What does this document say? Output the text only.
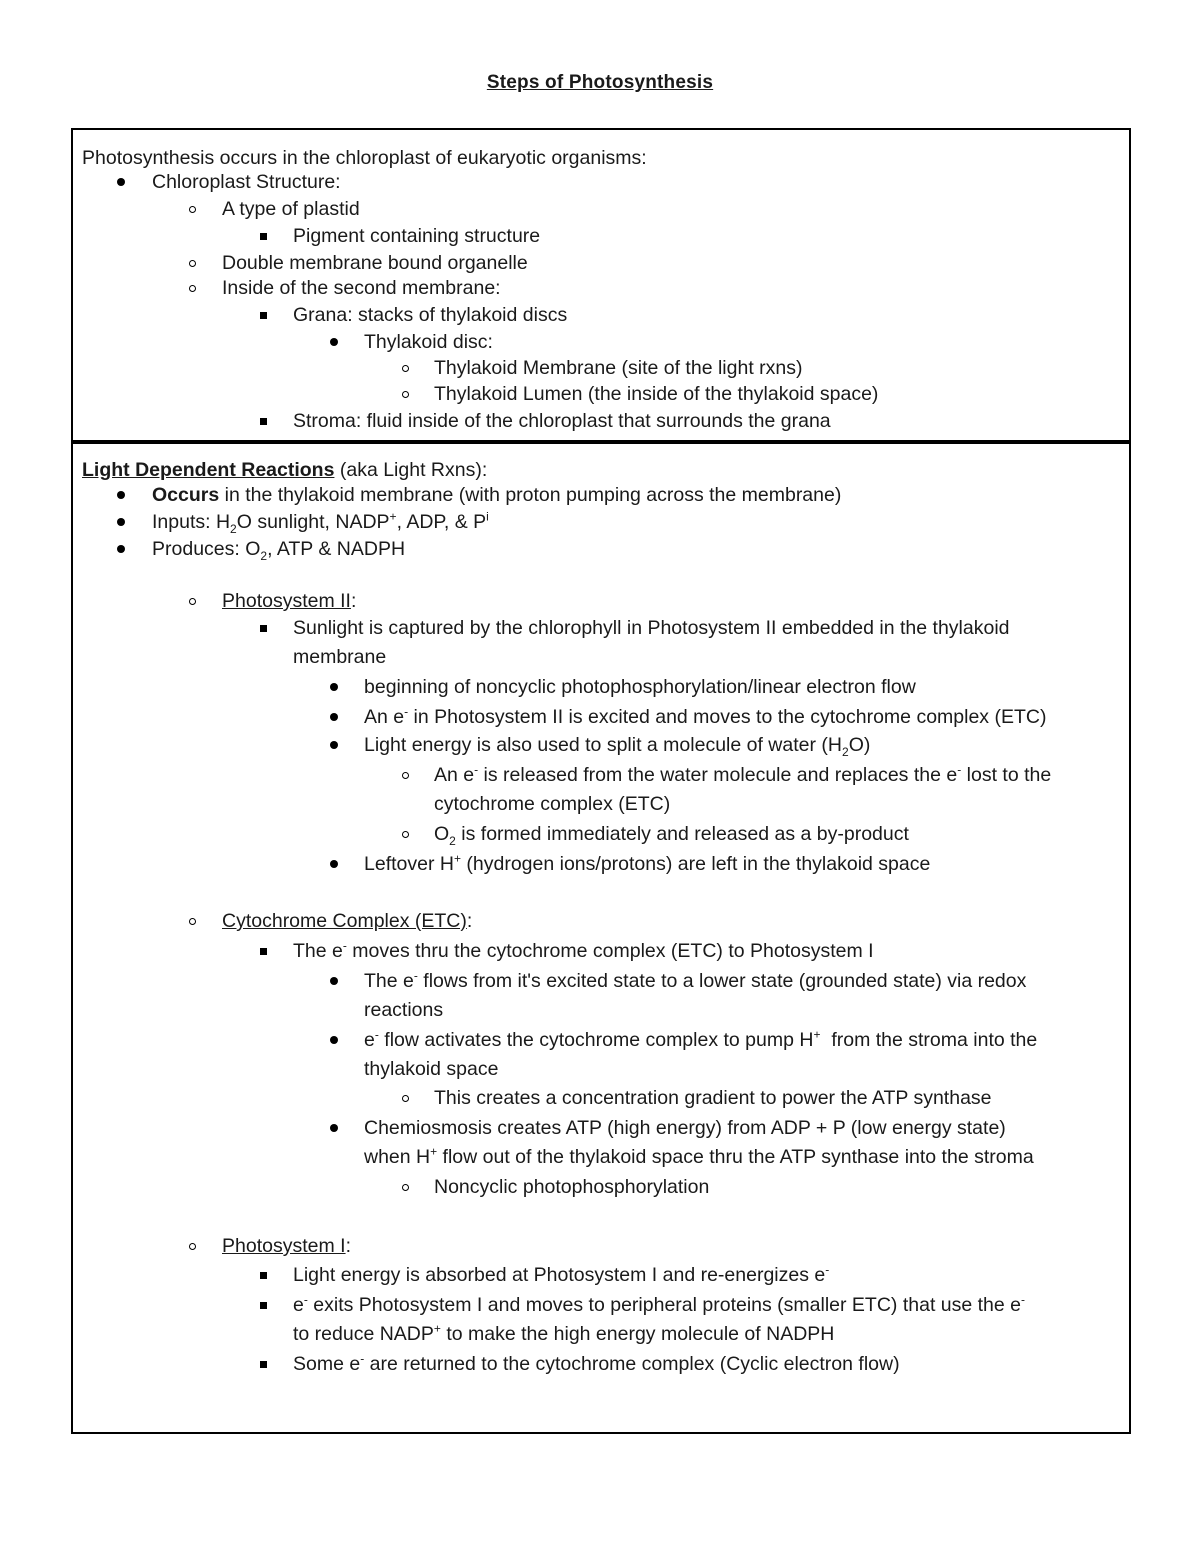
Steps of Photosynthesis
Photosynthesis occurs in the chloroplast of eukaryotic organisms:
Chloroplast Structure:
A type of plastid
Pigment containing structure
Double membrane bound organelle
Inside of the second membrane:
Grana: stacks of thylakoid discs
Thylakoid disc:
Thylakoid Membrane (site of the light rxns)
Thylakoid Lumen (the inside of the thylakoid space)
Stroma: fluid inside of the chloroplast that surrounds the grana
Light Dependent Reactions (aka Light Rxns):
Occurs in the thylakoid membrane (with proton pumping across the membrane)
Inputs: $H_2O$ sunlight, NADP+, ADP, & $P^i$
Produces: $O_2$, ATP & NADPH
Photosystem II:
Sunlight is captured by the chlorophyll in Photosystem II embedded in the thylakoid
membrane
beginning of noncyclic photophosphorylation/linear electron flow
An e- in Photosystem II is excited and moves to the cytochrome complex (ETC)
Light energy is also used to split a molecule of water $(H_2O)$
An e- is released from the water molecule and replaces the e- lost to the
cytochrome complex (ETC)
$O_2$ is formed immediately and released as a by-product
Leftover H+ (hydrogen ions/protons) are left in the thylakoid space
Cytochrome Complex (ETC):
The e- moves thru the cytochrome complex (ETC) to Photosystem I
The e- flows from it's excited state to a lower state (grounded state) via redox
reactions
e- flow activates the cytochrome complex to pump H+  from the stroma into the
thylakoid space
This creates a concentration gradient to power the ATP synthase
Chemiosmosis creates ATP (high energy) from ADP + P (low energy state)
when H+ flow out of the thylakoid space thru the ATP synthase into the stroma
Noncyclic photophosphorylation
Photosystem I:
Light energy is absorbed at Photosystem I and re-energizes e-
e- exits Photosystem I and moves to peripheral proteins (smaller ETC) that use the e-
to reduce NADP+ to make the high energy molecule of NADPH
Some e- are returned to the cytochrome complex (Cyclic electron flow)
